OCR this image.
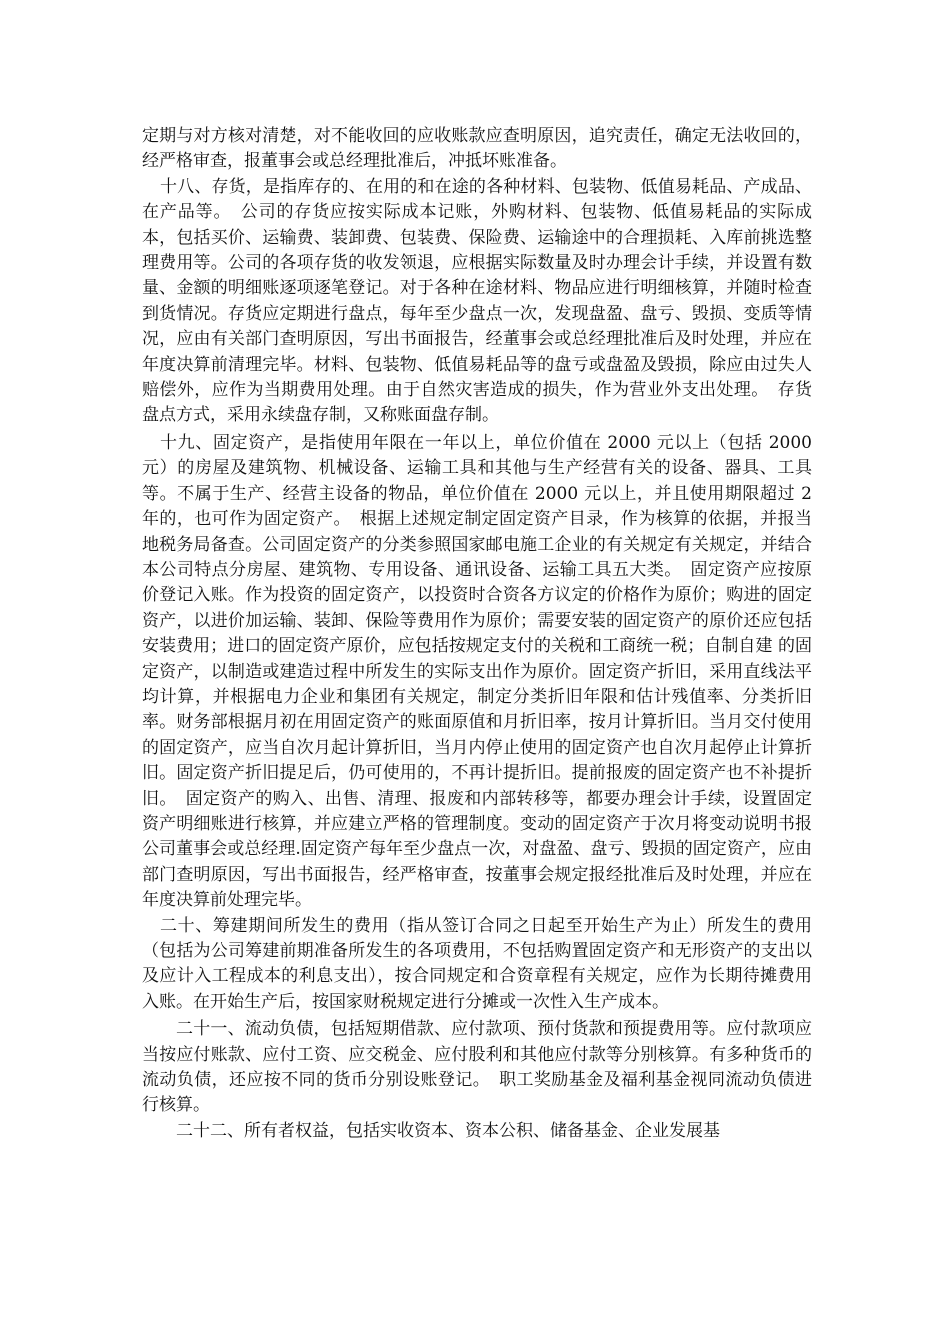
定期与对方核对清楚，对不能收回的应收账款应查明原因，追究责任，确定无法收回的，经严格审查，报董事会或总经理批准后，冲抵坏账准备。

十八、存货，是指库存的、在用的和在途的各种材料、包装物、低值易耗品、产成品、在产品等。　公司的存货应按实际成本记账，外购材料、包装物、低值易耗品的实际成本，包括买价、运输费、装卸费、包装费、保险费、运输途中的合理损耗、入库前挑选整理费用等。公司的各项存货的收发领退，应根据实际数量及时办理会计手续，并设置有数量、金额的明细账逐项逐笔登记。对于各种在途材料、物品应进行明细核算，并随时检查到货情况。存货应定期进行盘点，每年至少盘点一次，发现盘盈、盘亏、毁损、变质等情况，应由有关部门查明原因，写出书面报告，经董事会或总经理批准后及时处理，并应在年度决算前清理完毕。材料、包装物、低值易耗品等的盘亏或盘盈及毁损，除应由过失人赔偿外，应作为当期费用处理。由于自然灾害造成的损失，作为营业外支出处理。　存货盘点方式，采用永续盘存制，又称账面盘存制。

十九、固定资产，是指使用年限在一年以上，单位价值在 2000 元以上（包括 2000 元）的房屋及建筑物、机械设备、运输工具和其他与生产经营有关的设备、器具、工具等。不属于生产、经营主设备的物品，单位价值在 2000 元以上，并且使用期限超过 2 年的，也可作为固定资产。　根据上述规定制定固定资产目录，作为核算的依据，并报当地税务局备查。公司固定资产的分类参照国家邮电施工企业的有关规定有关规定，并结合本公司特点分房屋、建筑物、专用设备、通讯设备、运输工具五大类。　固定资产应按原价登记入账。作为投资的固定资产，以投资时合资各方议定的价格作为原价；购进的固定资产，以进价加运输、装卸、保险等费用作为原价；需要安装的固定资产的原价还应包括安装费用；进口的固定资产原价，应包括按规定支付的关税和工商统一税；自制自建 的固定资产，以制造或建造过程中所发生的实际支出作为原价。固定资产折旧，采用直线法平均计算，并根据电力企业和集团有关规定，制定分类折旧年限和估计残值率、分类折旧率。财务部根据月初在用固定资产的账面原值和月折旧率，按月计算折旧。当月交付使用的固定资产，应当自次月起计算折旧，当月内停止使用的固定资产也自次月起停止计算折旧。固定资产折旧提足后，仍可使用的，不再计提折旧。提前报废的固定资产也不补提折旧。　固定资产的购入、出售、清理、报废和内部转移等，都要办理会计手续，设置固定资产明细账进行核算，并应建立严格的管理制度。变动的固定资产于次月将变动说明书报公司董事会或总经理.固定资产每年至少盘点一次，对盘盈、盘亏、毁损的固定资产，应由部门查明原因，写出书面报告，经严格审查，按董事会规定报经批准后及时处理，并应在年度决算前处理完毕。

二十、筹建期间所发生的费用（指从签订合同之日起至开始生产为止）所发生的费用（包括为公司筹建前期准备所发生的各项费用，不包括购置固定资产和无形资产的支出以及应计入工程成本的利息支出），按合同规定和合资章程有关规定，应作为长期待摊费用入账。在开始生产后，按国家财税规定进行分摊或一次性入生产成本。

二十一、流动负债，包括短期借款、应付款项、预付货款和预提费用等。应付款项应当按应付账款、应付工资、应交税金、应付股利和其他应付款等分别核算。有多种货币的流动负债，还应按不同的货币分别设账登记。　职工奖励基金及福利基金视同流动负债进行核算。

二十二、所有者权益，包括实收资本、资本公积、储备基金、企业发展基
